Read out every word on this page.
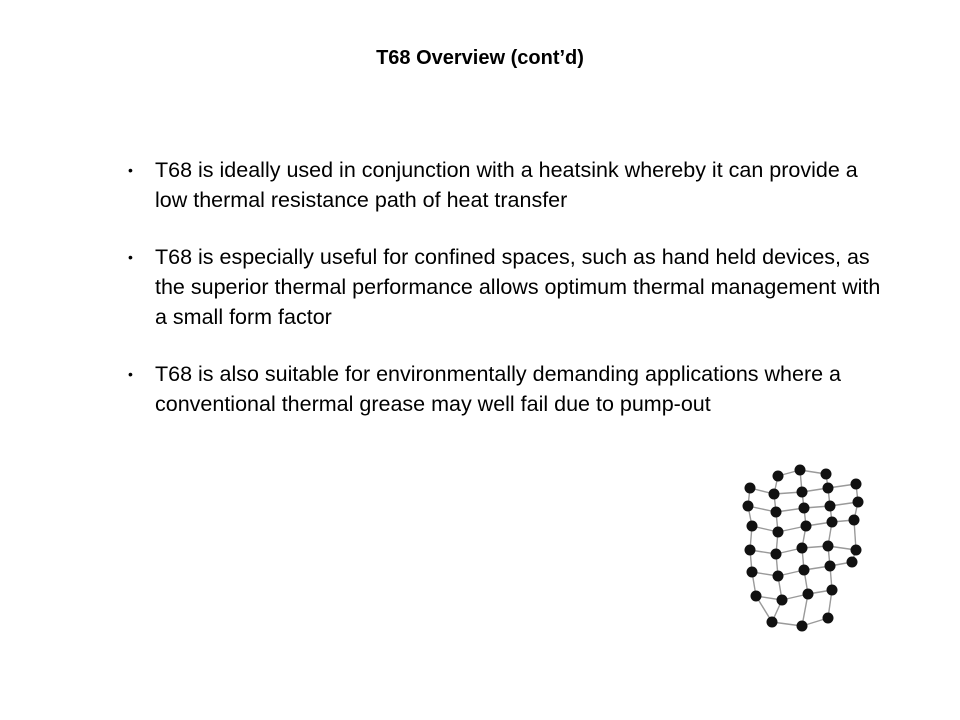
T68 Overview (cont’d)
• T68 is ideally used in conjunction with a heatsink whereby it can provide a low thermal resistance path of heat transfer
• T68 is especially useful for confined spaces, such as hand held devices, as the superior thermal performance allows optimum thermal management with a small form factor
• T68 is also suitable for environmentally demanding applications where a conventional thermal grease may well fail due to pump-out
